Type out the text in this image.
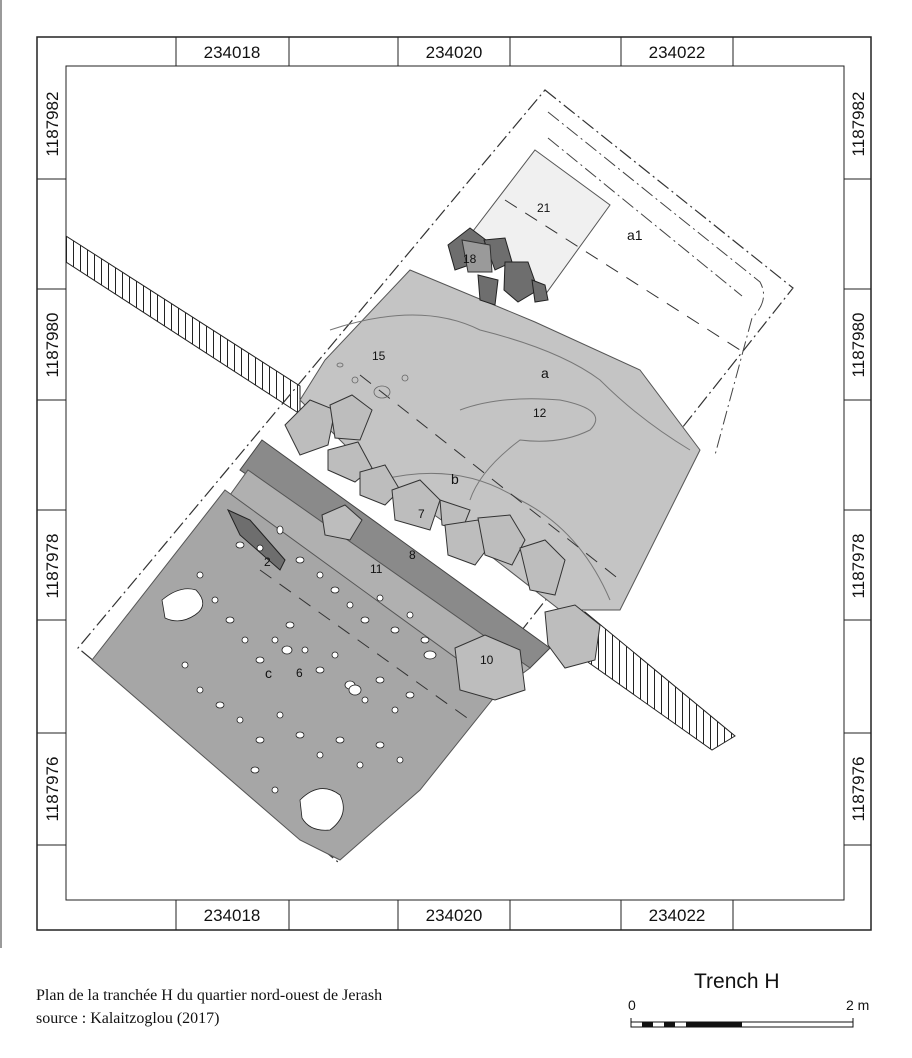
234018	234020	234022
234018	234020	234022
1187982
1187980
1187978
1187976
1187982
1187980
1187978
1187976
a1
a
b
c
21
18
15
12
7
8
11
2
6
10
Plan de la tranchée H du quartier nord-ouest de Jerash
source : Kalaitzoglou (2017)
Trench H
0	2 m
